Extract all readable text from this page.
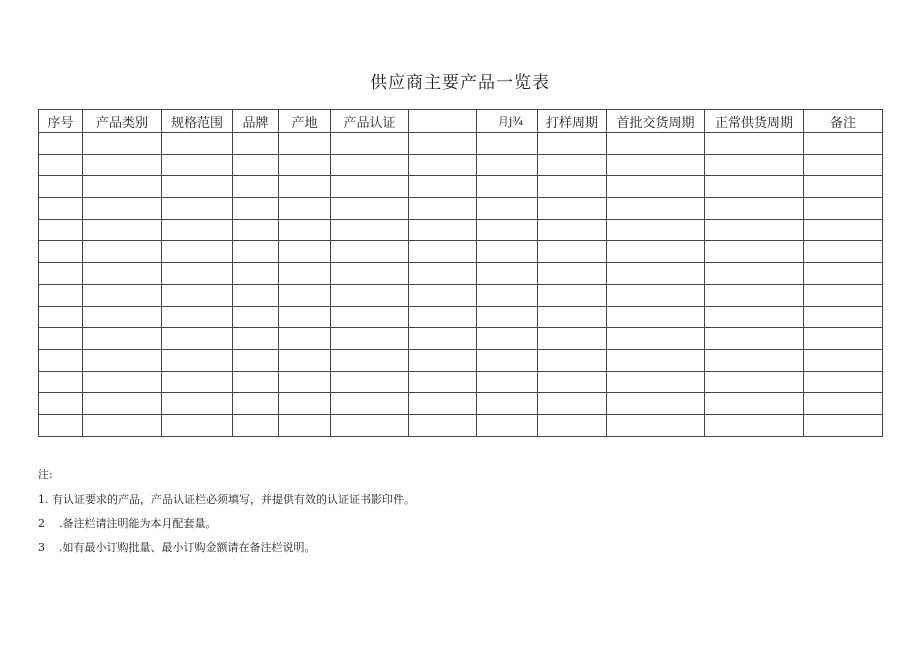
供应商主要产品一览表
序号	产品类别	规格范围	品牌	产地	产品认证		月j¾	打样周期	首批交货周期	正常供货周期	备注

注:
1. 有认证要求的产品，产品认证栏必须填写，并提供有效的认证证书影印件。
2    .备注栏请注明能为本月配套量。
3    .如有最小订购批量、最小订购金额请在备注栏说明。
